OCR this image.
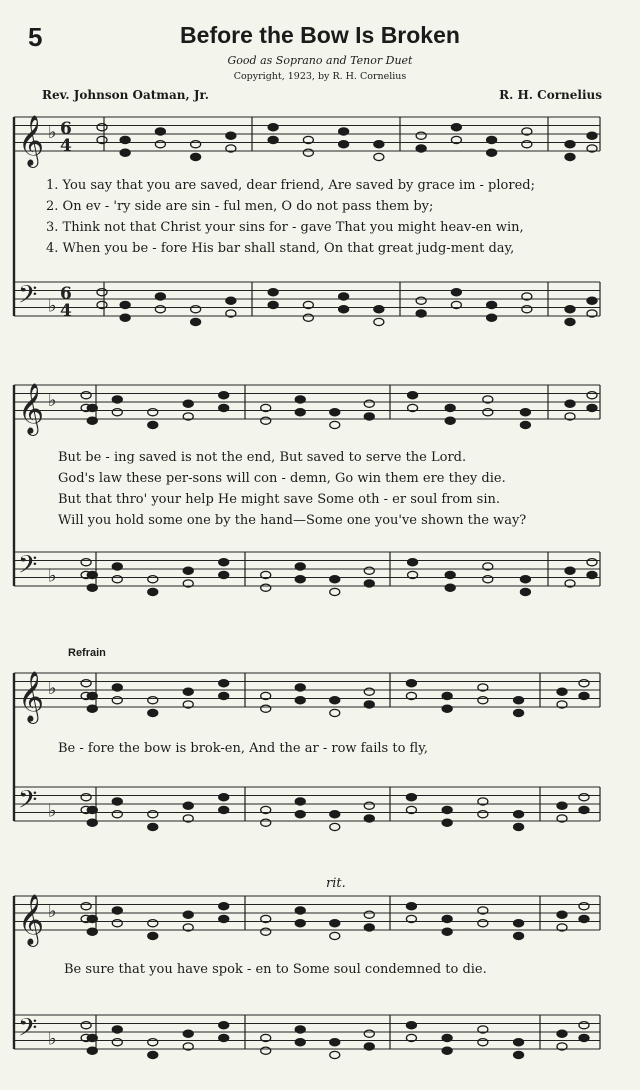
5	Before the Bow Is Broken
Good as Soprano and Tenor Duet
Copyright, 1923, by R. H. Cornelius
Rev. Johnson Oatman, Jr.	R. H. Cornelius
𝄞 ♭ 6
4
𝄢 ♭
6
4
𝄞 ♭
𝄢 ♭
𝄞 ♭
𝄢 ♭
𝄞 ♭
𝄢 ♭
1. You say that you are saved, dear friend, Are saved by grace im - plored;
2. On ev - 'ry side are sin - ful men, O do not pass them by;
3. Think not that Christ your sins for - gave That you might heav-en win,
4. When you be - fore His bar shall stand, On that great judg-ment day,
But be - ing saved is not the end, But saved to serve the Lord.
God's law these per-sons will con - demn, Go win them ere they die.
But that thro' your help He might save Some oth - er soul from sin.
Will you hold some one by the hand—Some one you've shown the way?
Refrain
Be - fore the bow is brok-en, And the ar - row fails to fly,
rit.
Be sure that you have spok - en to Some soul condemned to die.
